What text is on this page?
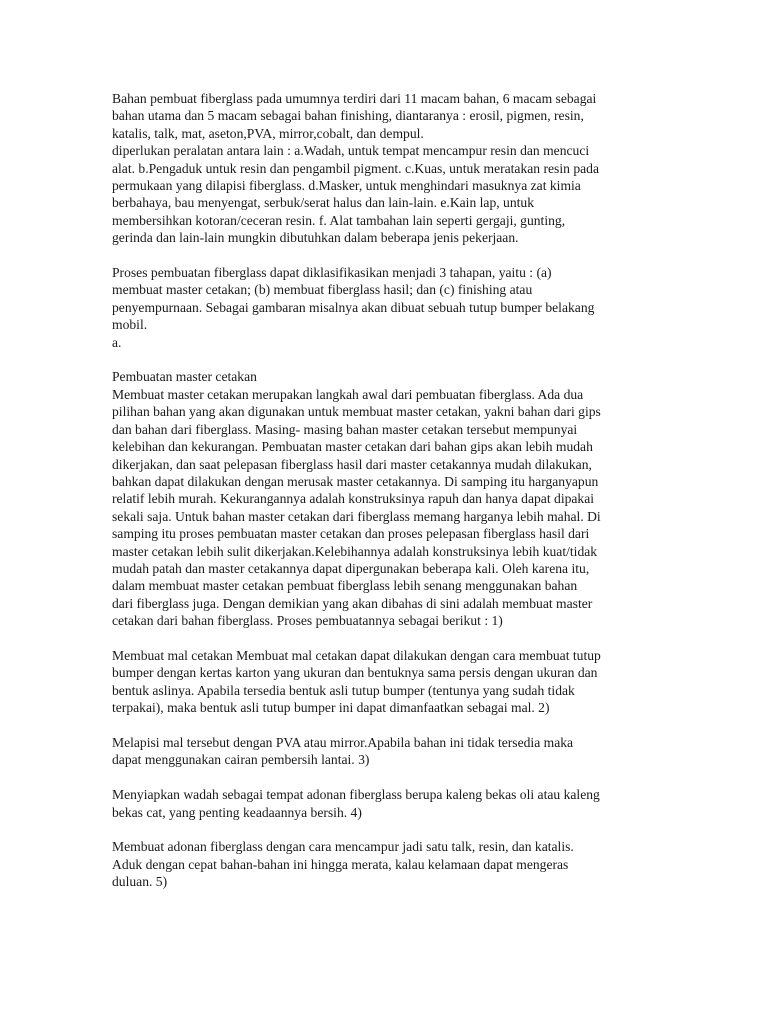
Bahan pembuat fiberglass pada umumnya terdiri dari 11 macam bahan, 6 macam sebagai
bahan utama dan 5 macam sebagai bahan finishing, diantaranya : erosil, pigmen, resin,
katalis, talk, mat, aseton,PVA, mirror,cobalt, dan dempul.
diperlukan peralatan antara lain : a.Wadah, untuk tempat mencampur resin dan mencuci
alat. b.Pengaduk untuk resin dan pengambil pigment. c.Kuas, untuk meratakan resin pada
permukaan yang dilapisi fiberglass. d.Masker, untuk menghindari masuknya zat kimia
berbahaya, bau menyengat, serbuk/serat halus dan lain-lain. e.Kain lap, untuk
membersihkan kotoran/ceceran resin. f. Alat tambahan lain seperti gergaji, gunting,
gerinda dan lain-lain mungkin dibutuhkan dalam beberapa jenis pekerjaan.
Proses pembuatan fiberglass dapat diklasifikasikan menjadi 3 tahapan, yaitu : (a)
membuat master cetakan; (b) membuat fiberglass hasil; dan (c) finishing atau
penyempurnaan. Sebagai gambaran misalnya akan dibuat sebuah tutup bumper belakang
mobil.
a.
Pembuatan master cetakan
Membuat master cetakan merupakan langkah awal dari pembuatan fiberglass. Ada dua
pilihan bahan yang akan digunakan untuk membuat master cetakan, yakni bahan dari gips
dan bahan dari fiberglass. Masing- masing bahan master cetakan tersebut mempunyai
kelebihan dan kekurangan. Pembuatan master cetakan dari bahan gips akan lebih mudah
dikerjakan, dan saat pelepasan fiberglass hasil dari master cetakannya mudah dilakukan,
bahkan dapat dilakukan dengan merusak master cetakannya. Di samping itu harganyapun
relatif lebih murah. Kekurangannya adalah konstruksinya rapuh dan hanya dapat dipakai
sekali saja. Untuk bahan master cetakan dari fiberglass memang harganya lebih mahal. Di
samping itu proses pembuatan master cetakan dan proses pelepasan fiberglass hasil dari
master cetakan lebih sulit dikerjakan.Kelebihannya adalah konstruksinya lebih kuat/tidak
mudah patah dan master cetakannya dapat dipergunakan beberapa kali. Oleh karena itu,
dalam membuat master cetakan pembuat fiberglass lebih senang menggunakan bahan
dari fiberglass juga. Dengan demikian yang akan dibahas di sini adalah membuat master
cetakan dari bahan fiberglass. Proses pembuatannya sebagai berikut : 1)
Membuat mal cetakan Membuat mal cetakan dapat dilakukan dengan cara membuat tutup
bumper dengan kertas karton yang ukuran dan bentuknya sama persis dengan ukuran dan
bentuk aslinya. Apabila tersedia bentuk asli tutup bumper (tentunya yang sudah tidak
terpakai), maka bentuk asli tutup bumper ini dapat dimanfaatkan sebagai mal. 2)
Melapisi mal tersebut dengan PVA atau mirror.Apabila bahan ini tidak tersedia maka
dapat menggunakan cairan pembersih lantai. 3)
Menyiapkan wadah sebagai tempat adonan fiberglass berupa kaleng bekas oli atau kaleng
bekas cat, yang penting keadaannya bersih. 4)
Membuat adonan fiberglass dengan cara mencampur jadi satu talk, resin, dan katalis.
Aduk dengan cepat bahan-bahan ini hingga merata, kalau kelamaan dapat mengeras
duluan. 5)
